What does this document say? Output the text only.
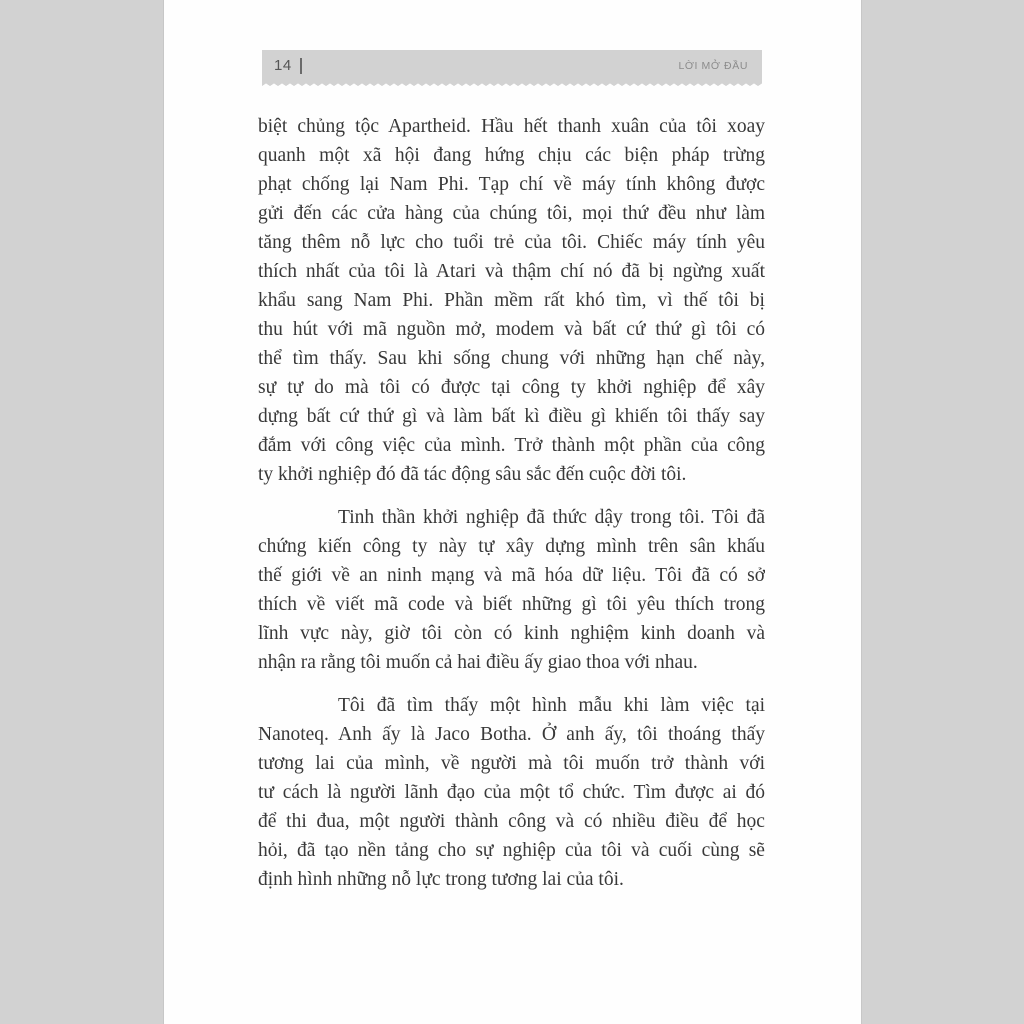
14	LỜI MỞ ĐẦU
biệt chủng tộc Apartheid. Hầu hết thanh xuân của tôi xoay
quanh một xã hội đang hứng chịu các biện pháp trừng
phạt chống lại Nam Phi. Tạp chí về máy tính không được
gửi đến các cửa hàng của chúng tôi, mọi thứ đều như làm
tăng thêm nỗ lực cho tuổi trẻ của tôi. Chiếc máy tính yêu
thích nhất của tôi là Atari và thậm chí nó đã bị ngừng xuất
khẩu sang Nam Phi. Phần mềm rất khó tìm, vì thế tôi bị
thu hút với mã nguồn mở, modem và bất cứ thứ gì tôi có
thể tìm thấy. Sau khi sống chung với những hạn chế này,
sự tự do mà tôi có được tại công ty khởi nghiệp để xây
dựng bất cứ thứ gì và làm bất kì điều gì khiến tôi thấy say
đắm với công việc của mình. Trở thành một phần của công
ty khởi nghiệp đó đã tác động sâu sắc đến cuộc đời tôi.
Tinh thần khởi nghiệp đã thức dậy trong tôi. Tôi đã
chứng kiến công ty này tự xây dựng mình trên sân khấu
thế giới về an ninh mạng và mã hóa dữ liệu. Tôi đã có sở
thích về viết mã code và biết những gì tôi yêu thích trong
lĩnh vực này, giờ tôi còn có kinh nghiệm kinh doanh và
nhận ra rằng tôi muốn cả hai điều ấy giao thoa với nhau.
Tôi đã tìm thấy một hình mẫu khi làm việc tại
Nanoteq. Anh ấy là Jaco Botha. Ở anh ấy, tôi thoáng thấy
tương lai của mình, về người mà tôi muốn trở thành với
tư cách là người lãnh đạo của một tổ chức. Tìm được ai đó
để thi đua, một người thành công và có nhiều điều để học
hỏi, đã tạo nền tảng cho sự nghiệp của tôi và cuối cùng sẽ
định hình những nỗ lực trong tương lai của tôi.
